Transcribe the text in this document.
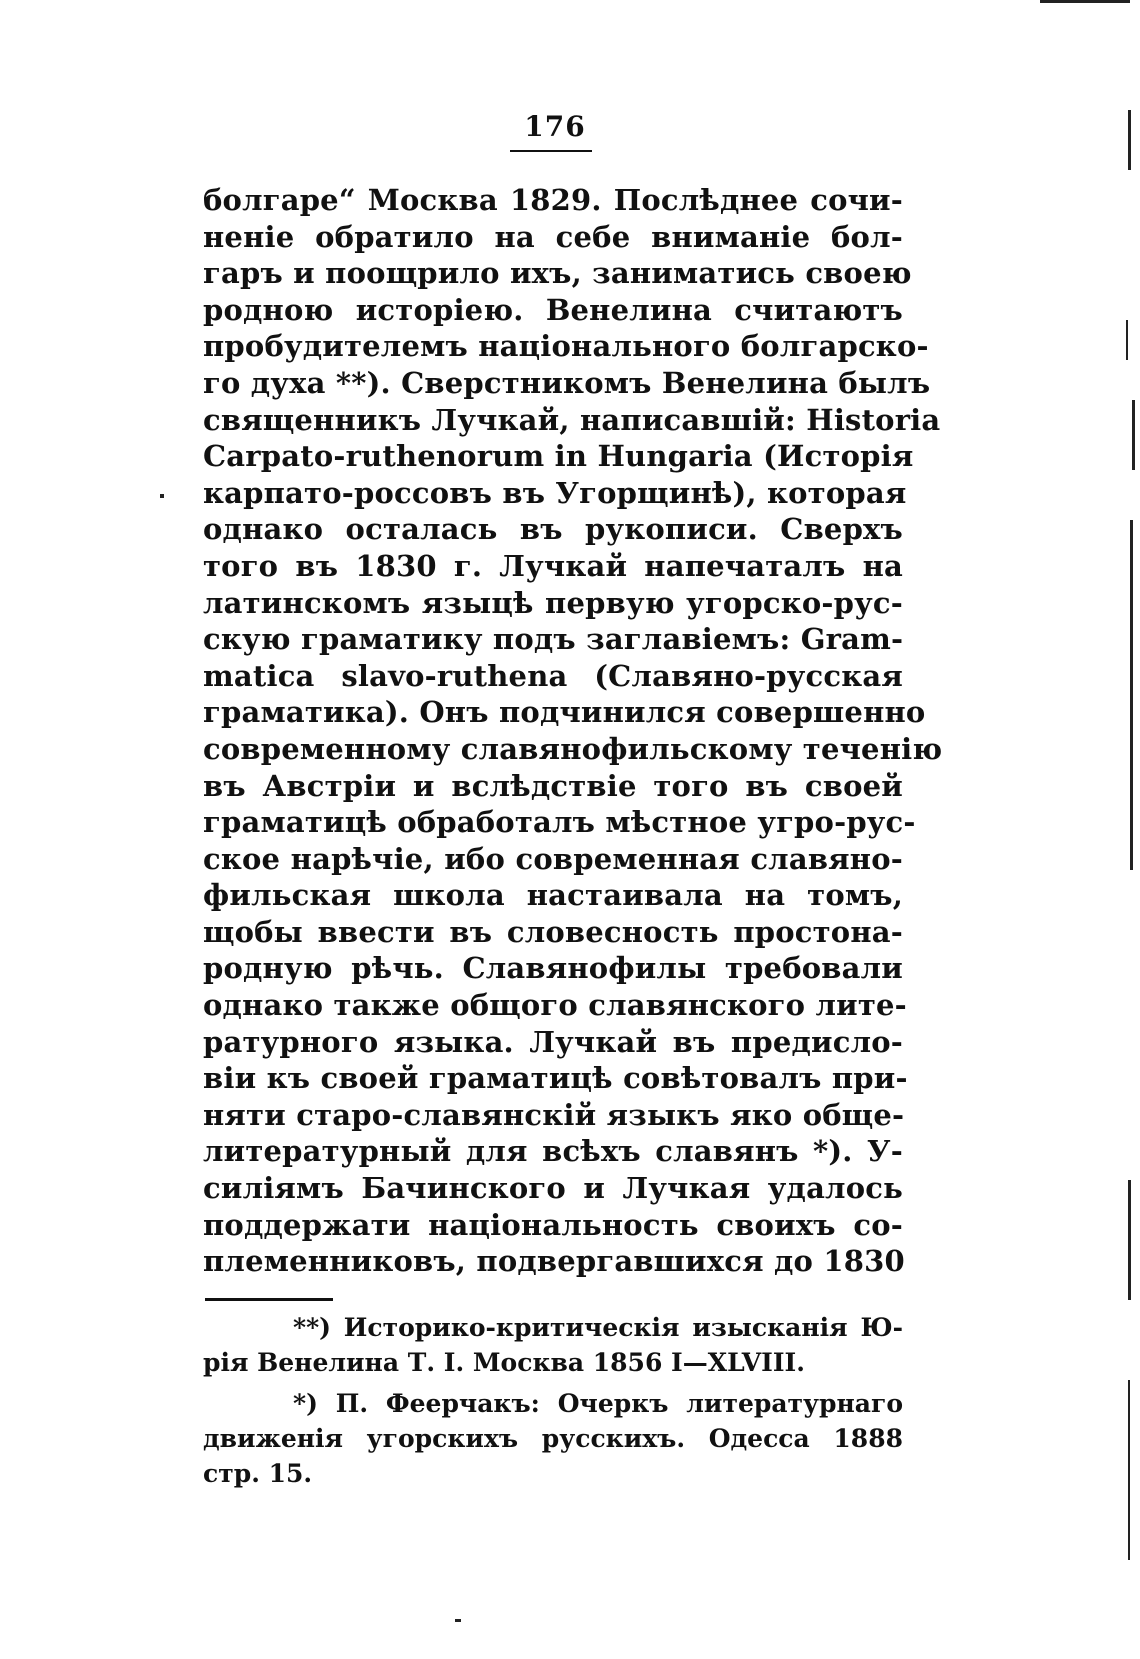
176
болгаре“ Москва 1829. Послѣднее сочи-
неніе обратило на себе вниманіе бол-
гаръ и поощрило ихъ, заниматись своею
родною исторіею. Венелина считаютъ
пробудителемъ національного болгарско-
го духа **). Сверстникомъ Венелина былъ
священникъ Лучкай, написавшій: Historia
Carpato-ruthenorum in Hungaria (Исторія
карпато-россовъ въ Угорщинѣ), которая
однако осталась въ рукописи. Сверхъ
того въ 1830 г. Лучкай напечаталъ на
латинскомъ языцѣ первую угорско-рус-
скую граматику подъ заглавіемъ: Gram-
matica slavo-ruthena (Славяно-русская
граматика). Онъ подчинился совершенно
современному славянофильскому теченію
въ Австріи и вслѣдствіе того въ своей
граматицѣ обработалъ мѣстное угро-рус-
ское нарѣчіе, ибо современная славяно-
фильская школа настаивала на томъ,
щобы ввести въ словесность простона-
родную рѣчь. Славянофилы требовали
однако также общого славянского лите-
ратурного языка. Лучкай въ предисло-
віи къ своей граматицѣ совѣтовалъ при-
няти старо-славянскій языкъ яко обще-
литературный для всѣхъ славянъ *). У-
силіямъ Бачинского и Лучкая удалось
поддержати національность своихъ со-
племенниковъ, подвергавшихся до 1830
**) Историко-критическія изысканія Ю-
рія Венелина Т. І. Москва 1856 І—XLVIII.
*) П. Феерчакъ: Очеркъ литературнаго
движенія угорскихъ русскихъ. Одесса 1888
стр. 15.
